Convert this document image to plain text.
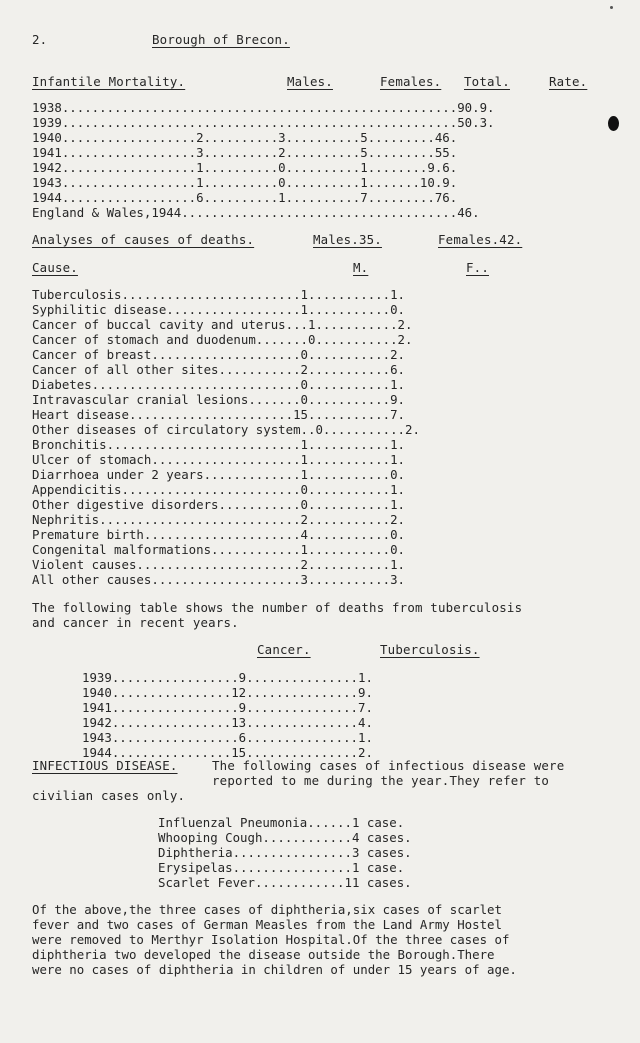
2.	Borough of Brecon.
Infantile Mortality.	Males.	Females. Total.	Rate.
1938.....................................................90.9.
1939.....................................................50.3.
1940..................2..........3..........5.........46.
1941..................3..........2..........5.........55.
1942..................1..........0..........1........9.6.
1943..................1..........0..........1.......10.9.
1944..................6..........1..........7.........76.
England & Wales,1944.....................................46.
Analyses of causes of deaths.	Males.35.	Females.42.
Cause.	M.	F..
Tuberculosis........................1...........1.
Syphilitic disease..................1...........0.
Cancer of buccal cavity and uterus...1...........2.
Cancer of stomach and duodenum.......0...........2.
Cancer of breast....................0...........2.
Cancer of all other sites...........2...........6.
Diabetes............................0...........1.
Intravascular cranial lesions.......0...........9.
Heart disease......................15...........7.
Other diseases of circulatory system..0...........2.
Bronchitis..........................1...........1.
Ulcer of stomach....................1...........1.
Diarrhoea under 2 years.............1...........0.
Appendicitis........................0...........1.
Other digestive disorders...........0...........1.
Nephritis...........................2...........2.
Premature birth.....................4...........0.
Congenital malformations............1...........0.
Violent causes......................2...........1.
All other causes....................3...........3.
The following table shows the number of deaths from tuberculosis
and cancer in recent years.
Cancer.	Tuberculosis.
1939.................9...............1.
1940................12...............9.
1941.................9...............7.
1942................13...............4.
1943.................6...............1.
1944................15...............2.
INFECTIOUS DISEASE.	The following cases of infectious disease were
reported to me during the year.They refer to
civilian cases only.
Influenzal Pneumonia......1 case.
Whooping Cough............4 cases.
Diphtheria................3 cases.
Erysipelas................1 case.
Scarlet Fever............11 cases.
Of the above,the three cases of diphtheria,six cases of scarlet
fever and two cases of German Measles from the Land Army Hostel
were removed to Merthyr Isolation Hospital.Of the three cases of
diphtheria two developed the disease outside the Borough.There
were no cases of diphtheria in children of under 15 years of age.
